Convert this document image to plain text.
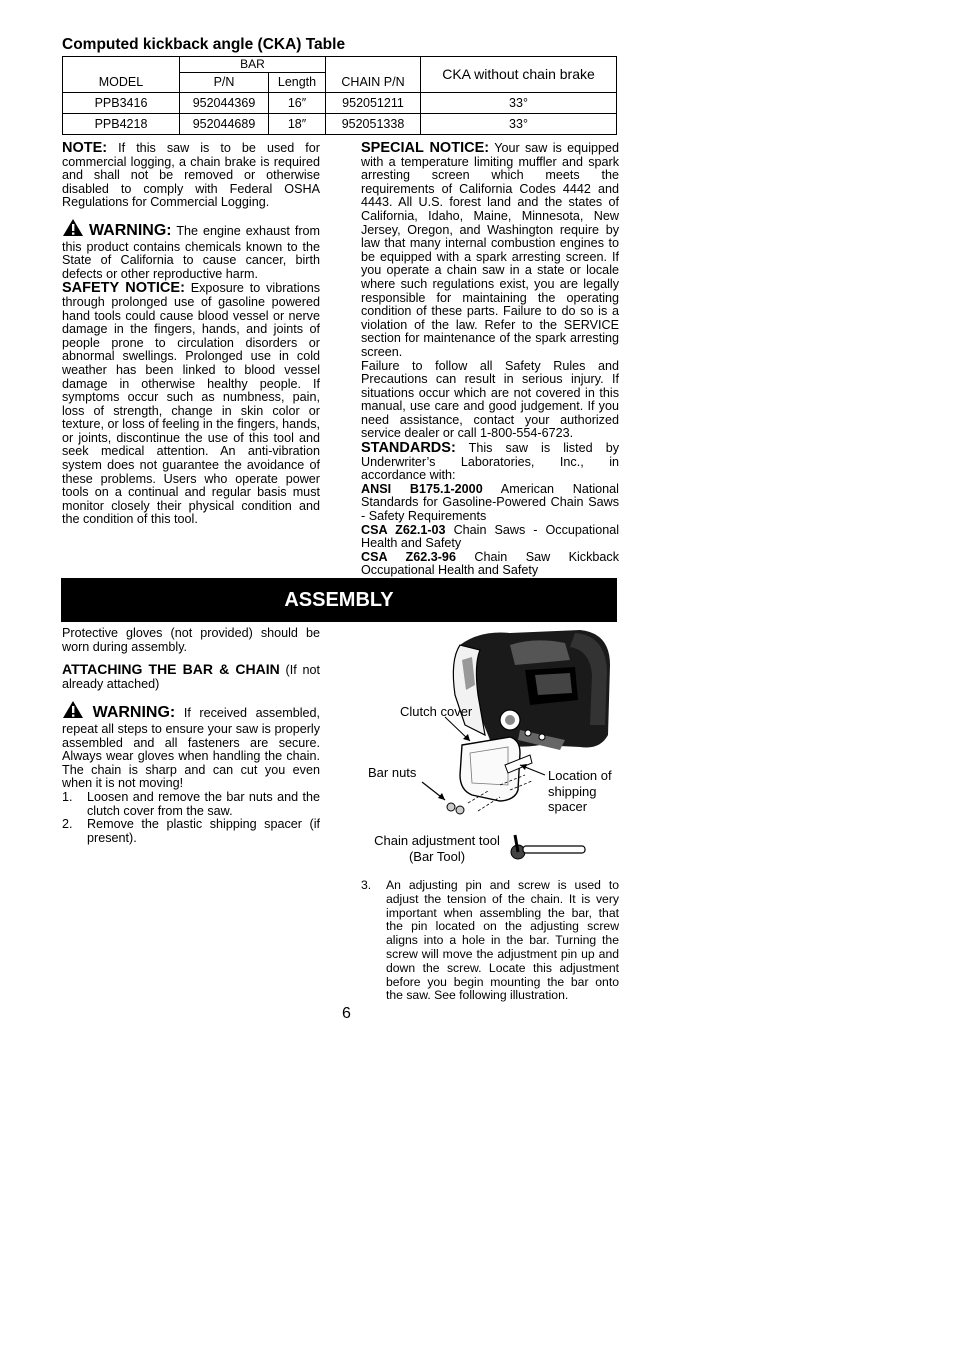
Computed kickback angle (CKA) Table
MODEL	BAR		CHAIN P/N	CKA without chain brake
	P/N	Length		
PPB3416	952044369	16″	952051211	33°
PPB4218	952044689	18″	952051338	33°

NOTE: If this saw is to be used for commercial logging, a chain brake is required and shall not be removed or otherwise disabled to comply with Federal OSHA Regulations for Commercial Logging.

WARNING: The engine exhaust from this product contains chemicals known to the State of California to cause cancer, birth defects or other reproductive harm.

SAFETY NOTICE: Exposure to vibrations through prolonged use of gasoline powered hand tools could cause blood vessel or nerve damage in the fingers, hands, and joints of people prone to circulation disorders or abnormal swellings. Prolonged use in cold weather has been linked to blood vessel damage in otherwise healthy people. If symptoms occur such as numbness, pain, loss of strength, change in skin color or texture, or loss of feeling in the fingers, hands, or joints, discontinue the use of this tool and seek medical attention. An anti-vibration system does not guarantee the avoidance of these problems. Users who operate power tools on a continual and regular basis must monitor closely their physical condition and the condition of this tool.

SPECIAL NOTICE: Your saw is equipped with a temperature limiting muffler and spark arresting screen which meets the requirements of California Codes 4442 and 4443. All U.S. forest land and the states of California, Idaho, Maine, Minnesota, New Jersey, Oregon, and Washington require by law that many internal combustion engines to be equipped with a spark arresting screen. If you operate a chain saw in a state or locale where such regulations exist, you are legally responsible for maintaining the operating condition of these parts. Failure to do so is a violation of the law. Refer to the SERVICE section for maintenance of the spark arresting screen.

Failure to follow all Safety Rules and Precautions can result in serious injury. If situations occur which are not covered in this manual, use care and good judgement. If you need assistance, contact your authorized service dealer or call 1-800-554-6723.

STANDARDS: This saw is listed by Underwriter’s Laboratories, Inc., in accordance with:

ANSI B175.1-2000 American National Standards for Gasoline-Powered Chain Saws - Safety Requirements

CSA Z62.1-03 Chain Saws - Occupational Health and Safety

CSA Z62.3-96 Chain Saw Kickback Occupational Health and Safety

ASSEMBLY

Protective gloves (not provided) should be worn during assembly.

ATTACHING THE BAR & CHAIN (If not already attached)

WARNING: If received assembled, repeat all steps to ensure your saw is properly assembled and all fasteners are secure. Always wear gloves when handling the chain. The chain is sharp and can cut you even when it is not moving!

1. Loosen and remove the bar nuts and the clutch cover from the saw.
2. Remove the plastic shipping spacer (if present).
Clutch cover
Bar nuts	Location of
shipping
spacer
Chain adjustment tool
(Bar Tool)
3. An adjusting pin and screw is used to adjust the tension of the chain. It is very important when assembling the bar, that the pin located on the adjusting screw aligns into a hole in the bar. Turning the screw will move the adjustment pin up and down the screw. Locate this adjustment before you begin mounting the bar onto the saw. See following illustration.
6
